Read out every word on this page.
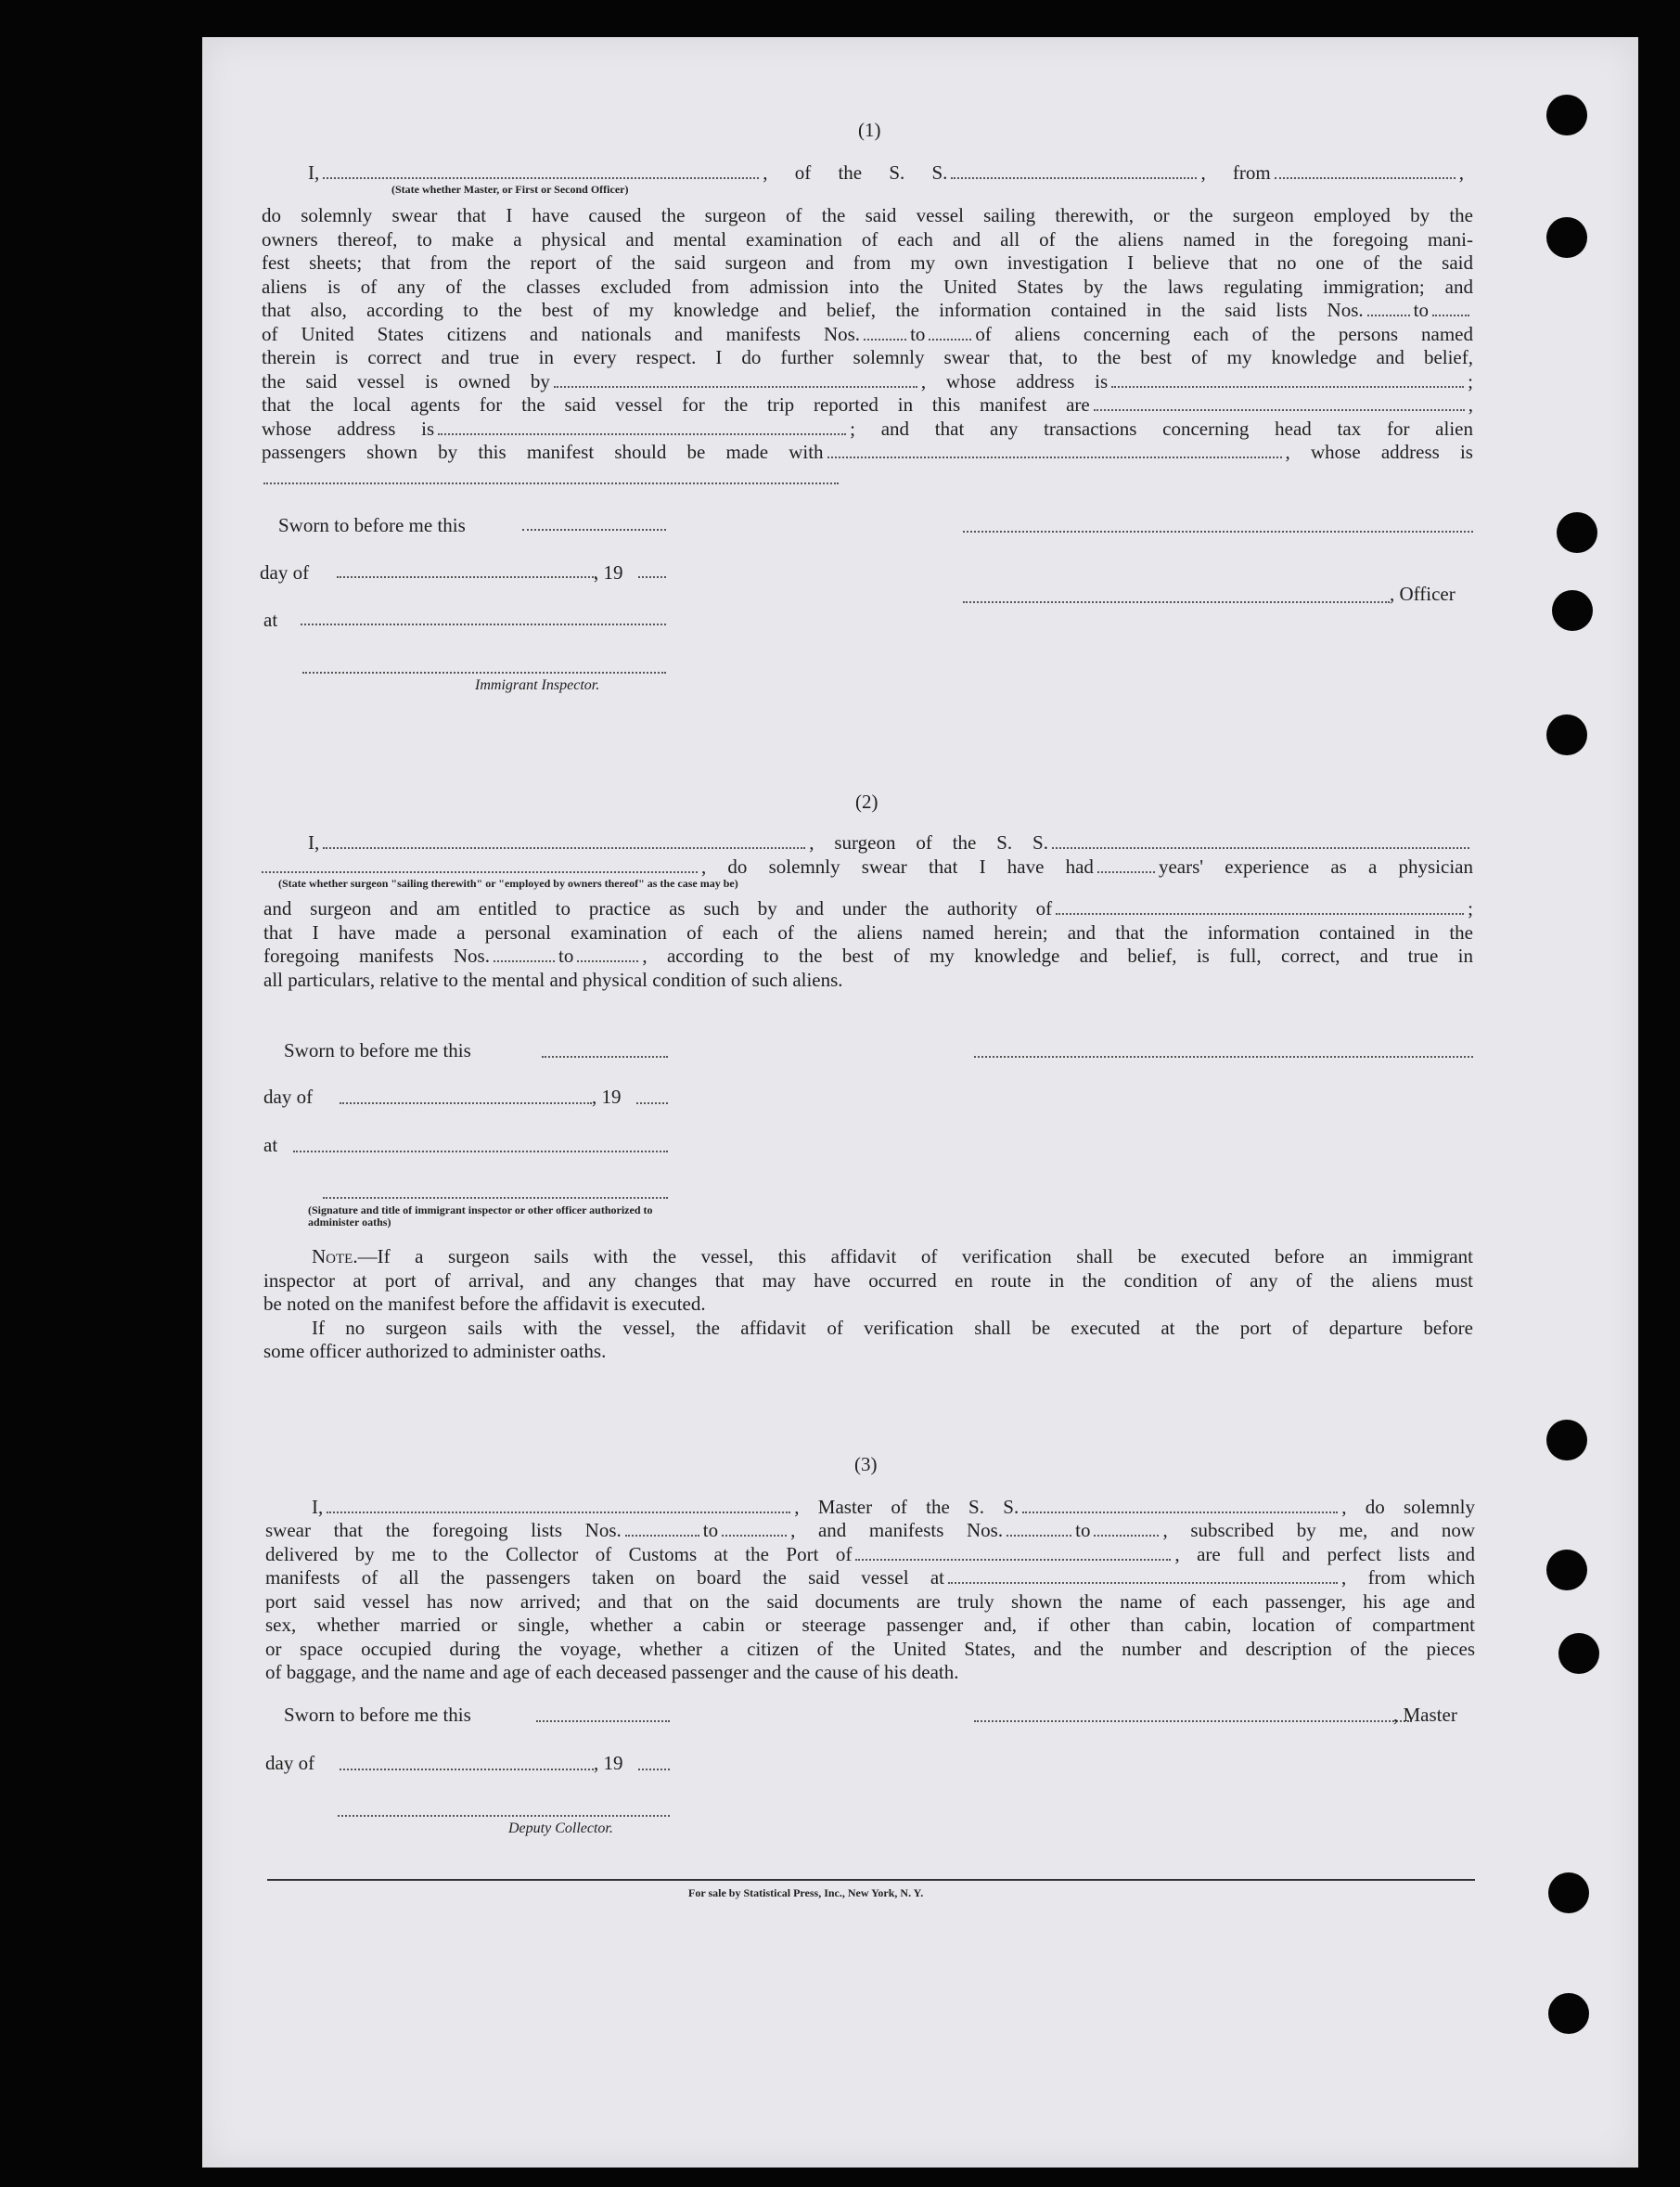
(1)
I,	, of the S. S.	, from	,
(State whether Master, or First or Second Officer)
do solemnly swear that I have caused the surgeon of the said vessel sailing therewith, or the surgeon employed by the
owners thereof, to make a physical and mental examination of each and all of the aliens named in the foregoing mani-
fest sheets; that from the report of the said surgeon and from my own investigation I believe that no one of the said
aliens is of any of the classes excluded from admission into the United States by the laws regulating immigration; and
that also, according to the best of my knowledge and belief, the information contained in the said lists Nos.	to
of United States citizens and nationals and manifests Nos.	to	of aliens concerning each of the persons named
therein is correct and true in every respect. I do further solemnly swear that, to the best of my knowledge and belief,
the said vessel is owned by	, whose address is	;
that the local agents for the said vessel for the trip reported in this manifest are	,
whose address is	; and that any transactions concerning head tax for alien
passengers shown by this manifest should be made with	, whose address is
Sworn to before me this
day of	, 19
, Officer
at
Immigrant Inspector.
(2)
I,	, surgeon of the S. S.
, do solemnly swear that I have had	years' experience as a physician
(State whether surgeon "sailing therewith" or "employed by owners thereof" as the case may be)
and surgeon and am entitled to practice as such by and under the authority of	;
that I have made a personal examination of each of the aliens named herein; and that the information contained in the
foregoing manifests Nos.	to	, according to the best of my knowledge and belief, is full, correct, and true in
all particulars, relative to the mental and physical condition of such aliens.
Sworn to before me this
day of	, 19
at
(Signature and title of immigrant inspector or other officer authorized to administer oaths)
Note.—If a surgeon sails with the vessel, this affidavit of verification shall be executed before an immigrant
inspector at port of arrival, and any changes that may have occurred en route in the condition of any of the aliens must
be noted on the manifest before the affidavit is executed.
If no surgeon sails with the vessel, the affidavit of verification shall be executed at the port of departure before
some officer authorized to administer oaths.
(3)
I,	, Master of the S. S.	, do solemnly
swear that the foregoing lists Nos.	to	, and manifests Nos.	to	, subscribed by me, and now
delivered by me to the Collector of Customs at the Port of	, are full and perfect lists and
manifests of all the passengers taken on board the said vessel at	, from which
port said vessel has now arrived; and that on the said documents are truly shown the name of each passenger, his age and
sex, whether married or single, whether a cabin or steerage passenger and, if other than cabin, location of compartment
or space occupied during the voyage, whether a citizen of the United States, and the number and description of the pieces
of baggage, and the name and age of each deceased passenger and the cause of his death.
Sworn to before me this	, Master
day of	, 19
Deputy Collector.
For sale by Statistical Press, Inc., New York, N. Y.
